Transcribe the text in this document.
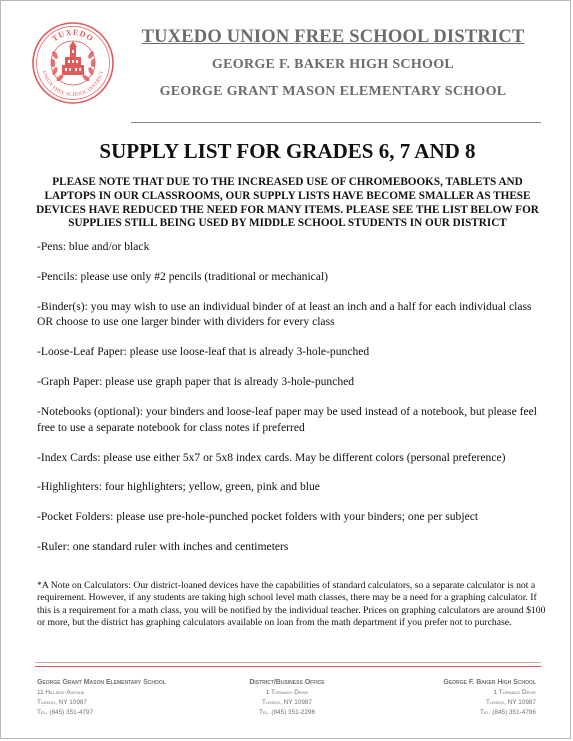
TUXEDO
UNION FREE SCHOOL DISTRICT
TUXEDO UNION FREE SCHOOL DISTRICT
GEORGE F. BAKER HIGH SCHOOL
GEORGE GRANT MASON ELEMENTARY SCHOOL
SUPPLY LIST FOR GRADES 6, 7 AND 8
PLEASE NOTE THAT DUE TO THE INCREASED USE OF CHROMEBOOKS, TABLETS AND LAPTOPS IN OUR CLASSROOMS, OUR SUPPLY LISTS HAVE BECOME SMALLER AS THESE DEVICES HAVE REDUCED THE NEED FOR MANY ITEMS. PLEASE SEE THE LIST BELOW FOR SUPPLIES STILL BEING USED BY MIDDLE SCHOOL STUDENTS IN OUR DISTRICT
-Pens: blue and/or black
-Pencils: please use only #2 pencils (traditional or mechanical)
-Binder(s): you may wish to use an individual binder of at least an inch and a half for each individual class OR choose to use one larger binder with dividers for every class
-Loose-Leaf Paper: please use loose-leaf that is already 3-hole-punched
-Graph Paper: please use graph paper that is already 3-hole-punched
-Notebooks (optional): your binders and loose-leaf paper may be used instead of a notebook, but please feel free to use a separate notebook for class notes if preferred
-Index Cards: please use either 5x7 or 5x8 index cards. May be different colors (personal preference)
-Highlighters: four highlighters; yellow, green, pink and blue
-Pocket Folders: please use pre-hole-punched pocket folders with your binders; one per subject
-Ruler: one standard ruler with inches and centimeters
*A Note on Calculators: Our district-loaned devices have the capabilities of standard calculators, so a separate calculator is not a requirement. However, if any students are taking high school level math classes, there may be a need for a graphing calculator. If this is a requirement for a math class, you will be notified by the individual teacher. Prices on graphing calculators are around $100 or more, but the district has graphing calculators available on loan from the math department if you prefer not to purchase.
George Grant Mason Elementary School
11 Hillside Avenue
Tuxedo, NY 10987
Tel. (845) 351-4797
District/Business Office
1 Tornado Drive
Tuxedo, NY 10987
Tel. (845) 351-2296
George F. Baker High School
1 Tornado Drive
Tuxedo, NY 10987
Tel. (845) 351-4786
